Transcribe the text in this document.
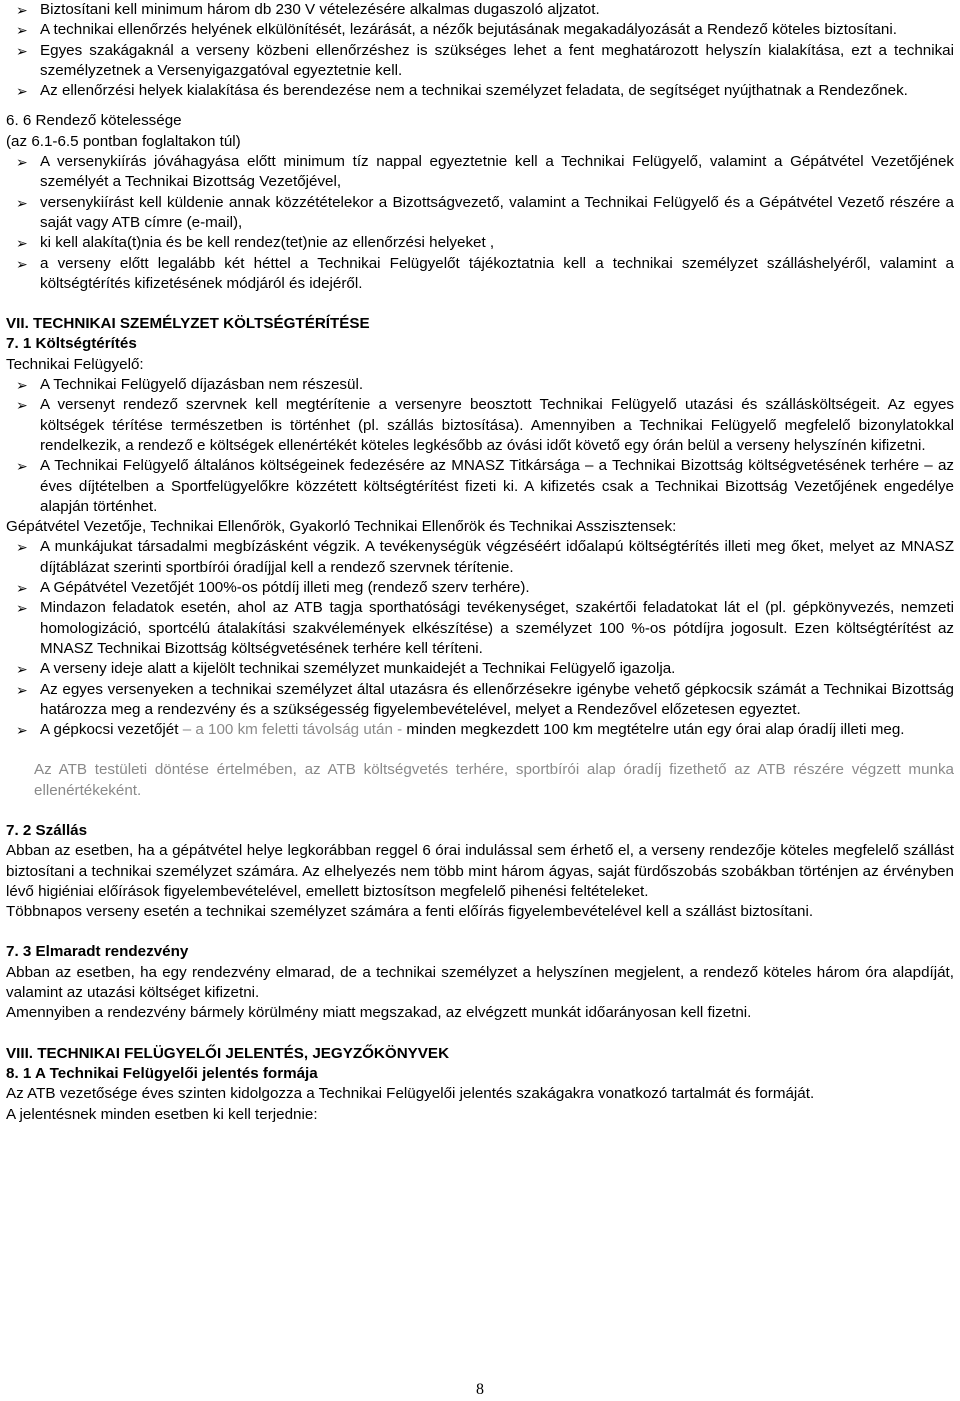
➢ Biztosítani kell minimum három db 230 V vételezésére alkalmas dugaszoló aljzatot.
➢ A technikai ellenőrzés helyének elkülönítését, lezárását, a nézők bejutásának megakadályozását a Rendező köteles biztosítani.
➢ Egyes szakágaknál a verseny közbeni ellenőrzéshez is szükséges lehet a fent meghatározott helyszín kialakítása, ezt a technikai személyzetnek a Versenyigazgatóval egyeztetnie kell.
➢ Az ellenőrzési helyek kialakítása és berendezése nem a technikai személyzet feladata, de segítséget nyújthatnak a Rendezőnek.

6. 6 Rendező kötelessége

(az 6.1-6.5 pontban foglaltakon túl)

➢ A versenykiírás jóváhagyása előtt minimum tíz nappal egyeztetnie kell a Technikai Felügyelő, valamint a Gépátvétel Vezetőjének személyét a Technikai Bizottság Vezetőjével,
➢ versenykiírást kell küldenie annak közzétételekor a Bizottságvezető, valamint a Technikai Felügyelő és a Gépátvétel Vezető részére a saját vagy ATB címre (e-mail),
➢ ki kell alakíta(t)nia és be kell rendez(tet)nie az ellenőrzési helyeket ,
➢ a verseny előtt legalább két héttel a Technikai Felügyelőt tájékoztatnia kell a technikai személyzet szálláshelyéről, valamint a költségtérítés kifizetésének módjáról és idejéről.

VII. TECHNIKAI SZEMÉLYZET KÖLTSÉGTÉRÍTÉSE

7. 1 Költségtérítés

Technikai Felügyelő:

➢ A Technikai Felügyelő díjazásban nem részesül.
➢ A versenyt rendező szervnek kell megtérítenie a versenyre beosztott Technikai Felügyelő utazási és szállásköltségeit. Az egyes költségek térítése természetben is történhet (pl. szállás biztosítása). Amennyiben a Technikai Felügyelő megfelelő bizonylatokkal rendelkezik, a rendező e költségek ellenértékét köteles legkésőbb az óvási időt követő egy órán belül a verseny helyszínén kifizetni.
➢ A Technikai Felügyelő általános költségeinek fedezésére az MNASZ Titkársága – a Technikai Bizottság költségvetésének terhére – az éves díjtételben a Sportfelügyelőkre közzétett költségtérítést fizeti ki. A kifizetés csak a Technikai Bizottság Vezetőjének engedélye alapján történhet.

Gépátvétel Vezetője, Technikai Ellenőrök, Gyakorló Technikai Ellenőrök és Technikai Asszisztensek:

➢ A munkájukat társadalmi megbízásként végzik. A tevékenységük végzéséért időalapú költségtérítés illeti meg őket, melyet az MNASZ díjtáblázat szerinti sportbírói óradíjjal kell a rendező szervnek térítenie.
➢ A Gépátvétel Vezetőjét 100%-os pótdíj illeti meg (rendező szerv terhére).
➢ Mindazon feladatok esetén, ahol az ATB tagja sporthatósági tevékenységet, szakértői feladatokat lát el (pl. gépkönyvezés, nemzeti homologizáció, sportcélú átalakítási szakvélemények elkészítése) a személyzet 100 %-os pótdíjra jogosult. Ezen költségtérítést az MNASZ Technikai Bizottság költségvetésének terhére kell téríteni.
➢ A verseny ideje alatt a kijelölt technikai személyzet munkaidejét a Technikai Felügyelő igazolja.
➢ Az egyes versenyeken a technikai személyzet által utazásra és ellenőrzésekre igénybe vehető gépkocsik számát a Technikai Bizottság határozza meg a rendezvény és a szükségesség figyelembevételével, melyet a Rendezővel előzetesen egyeztet.
➢ A gépkocsi vezetőjét – a 100 km feletti távolság után - minden megkezdett 100 km megtételre után egy órai alap óradíj illeti meg.
Az ATB testületi döntése értelmében, az ATB költségvetés terhére, sportbírói alap óradíj fizethető az ATB részére végzett munka ellenértékeként.

7. 2 Szállás

Abban az esetben, ha a gépátvétel helye legkorábban reggel 6 órai indulással sem érhető el, a verseny rendezője köteles megfelelő szállást biztosítani a technikai személyzet számára. Az elhelyezés nem több mint három ágyas, saját fürdőszobás szobákban történjen az érvényben lévő higiéniai előírások figyelembevételével, emellett biztosítson megfelelő pihenési feltételeket.

Többnapos verseny esetén a technikai személyzet számára a fenti előírás figyelembevételével kell a szállást biztosítani.

7. 3 Elmaradt rendezvény

Abban az esetben, ha egy rendezvény elmarad, de a technikai személyzet a helyszínen megjelent, a rendező köteles három óra alapdíját, valamint az utazási költséget kifizetni.

Amennyiben a rendezvény bármely körülmény miatt megszakad, az elvégzett munkát időarányosan kell fizetni.

VIII. TECHNIKAI FELÜGYELŐI JELENTÉS, JEGYZŐKÖNYVEK

8. 1 A Technikai Felügyelői jelentés formája

Az ATB vezetősége éves szinten kidolgozza a Technikai Felügyelői jelentés szakágakra vonatkozó tartalmát és formáját.

A jelentésnek minden esetben ki kell terjednie:

8
